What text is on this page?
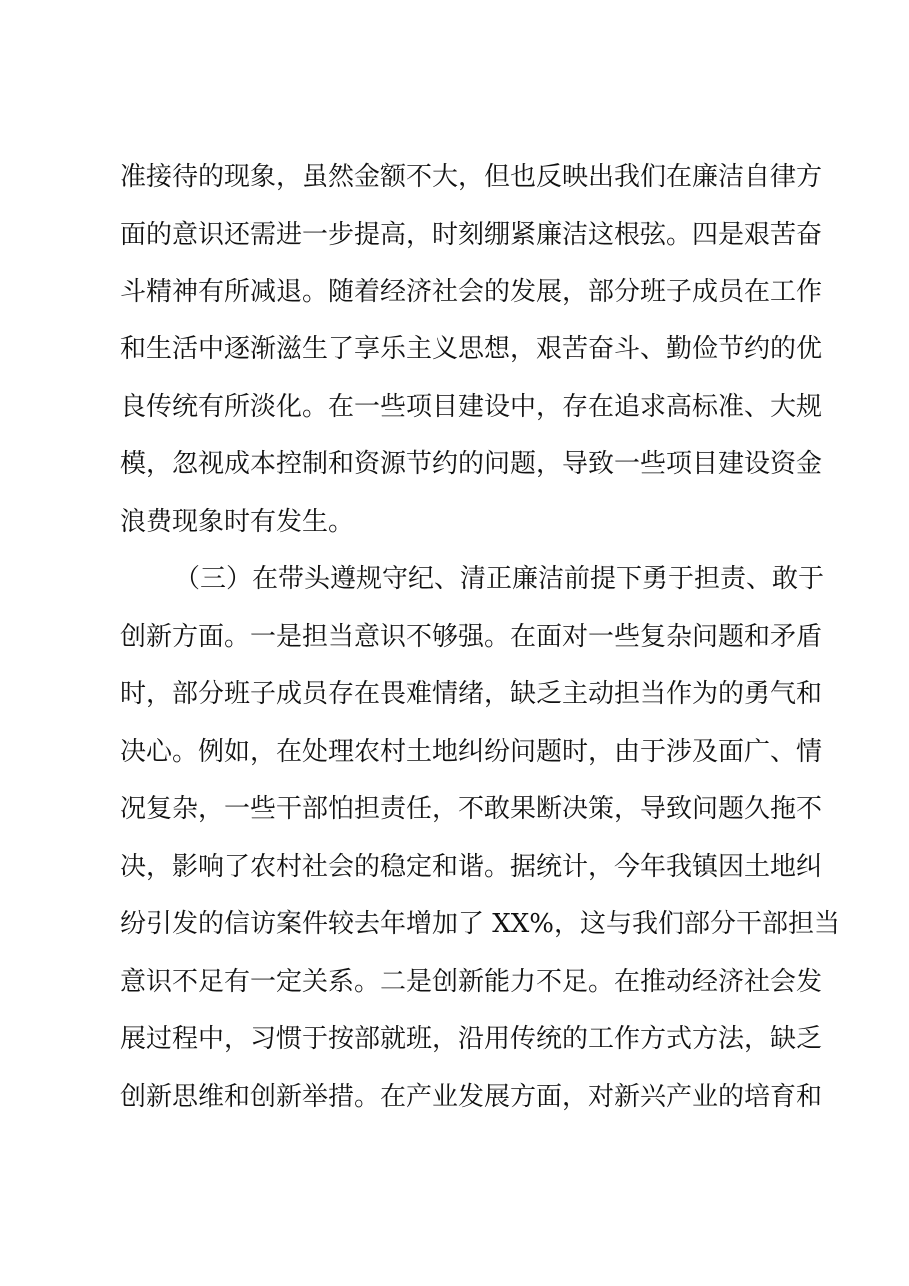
准接待的现象，虽然金额不大，但也反映出我们在廉洁自律方
面的意识还需进一步提高，时刻绷紧廉洁这根弦。四是艰苦奋
斗精神有所减退。随着经济社会的发展，部分班子成员在工作
和生活中逐渐滋生了享乐主义思想，艰苦奋斗、勤俭节约的优
良传统有所淡化。在一些项目建设中，存在追求高标准、大规
模，忽视成本控制和资源节约的问题，导致一些项目建设资金
浪费现象时有发生。
（三）在带头遵规守纪、清正廉洁前提下勇于担责、敢于
创新方面。一是担当意识不够强。在面对一些复杂问题和矛盾
时，部分班子成员存在畏难情绪，缺乏主动担当作为的勇气和
决心。例如，在处理农村土地纠纷问题时，由于涉及面广、情
况复杂，一些干部怕担责任，不敢果断决策，导致问题久拖不
决，影响了农村社会的稳定和谐。据统计，今年我镇因土地纠
纷引发的信访案件较去年增加了 XX%，这与我们部分干部担当
意识不足有一定关系。二是创新能力不足。在推动经济社会发
展过程中，习惯于按部就班，沿用传统的工作方式方法，缺乏
创新思维和创新举措。在产业发展方面，对新兴产业的培育和
